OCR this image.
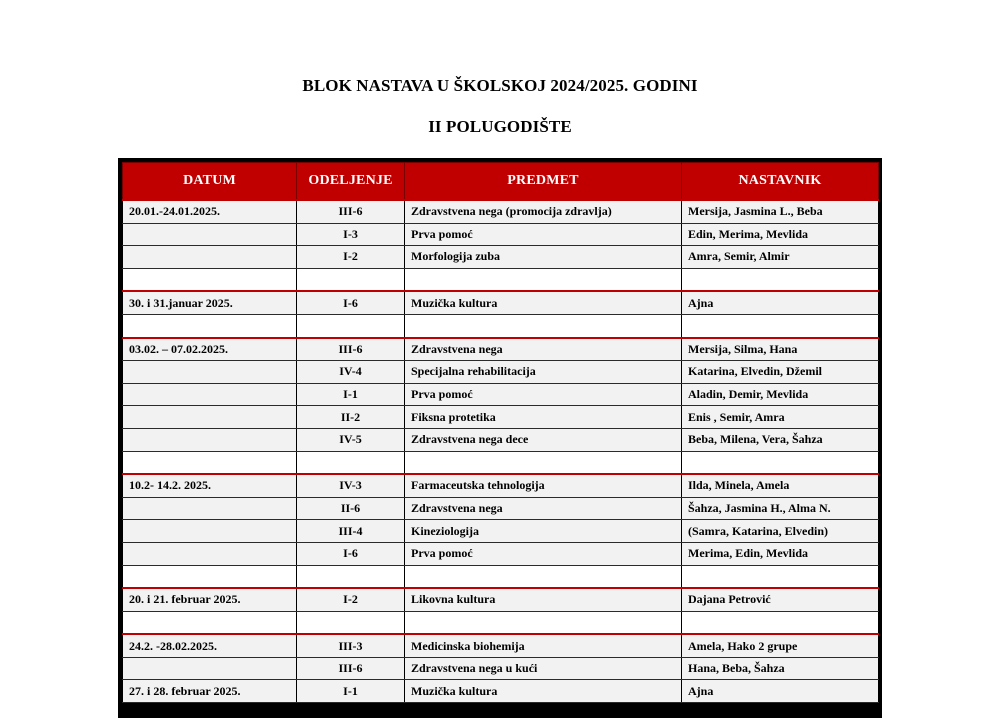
BLOK NASTAVA U ŠKOLSKOJ 2024/2025. GODINI
II POLUGODIŠTE
DATUM	ODELJENJE	PREDMET	NASTAVNIK
20.01.-24.01.2025.	III-6	Zdravstvena nega (promocija zdravlja)	Mersija, Jasmina L., Beba
	I-3	Prva pomoć	Edin, Merima, Mevlida
	I-2	Morfologija zuba	Amra, Semir, Almir

30. i 31.januar 2025.	I-6	Muzička kultura	Ajna

03.02. – 07.02.2025.	III-6	Zdravstvena nega	Mersija, Silma, Hana
	IV-4	Specijalna rehabilitacija	Katarina, Elvedin, Džemil
	I-1	Prva pomoć	Aladin, Demir, Mevlida
	II-2	Fiksna protetika	Enis , Semir, Amra
	IV-5	Zdravstvena nega dece	Beba, Milena, Vera, Šahza

10.2- 14.2. 2025.	IV-3	Farmaceutska tehnologija	Ilda, Minela, Amela
	II-6	Zdravstvena nega	Šahza, Jasmina H., Alma N.
	III-4	Kineziologija	(Samra, Katarina, Elvedin)
	I-6	Prva pomoć	Merima, Edin, Mevlida

20. i 21. februar 2025.	I-2	Likovna kultura	Dajana Petrović

24.2. -28.02.2025.	III-3	Medicinska biohemija	Amela, Hako 2 grupe
	III-6	Zdravstvena nega u kući	Hana, Beba, Šahza
27. i 28. februar 2025.	I-1	Muzička kultura	Ajna
